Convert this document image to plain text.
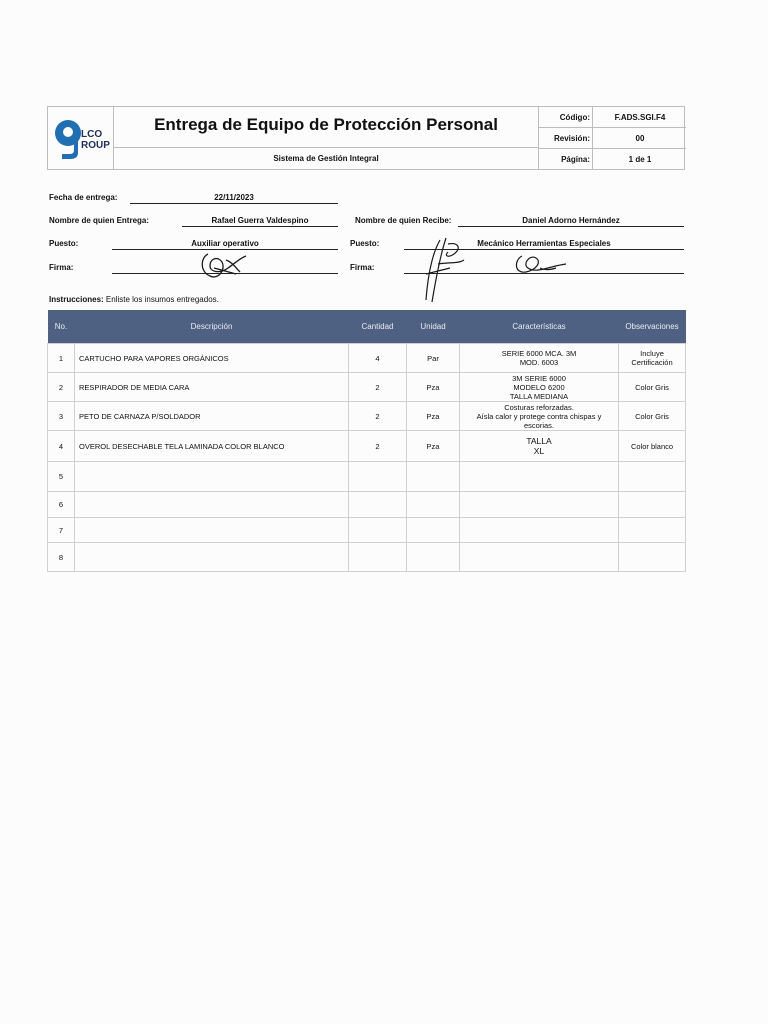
LCO
ROUP
Entrega de Equipo de Protección Personal
Sistema de Gestión Integral
Código:	F.ADS.SGI.F4
Revisión:	00
Página:	1 de 1
Fecha de entrega:	22/11/2023
Nombre de quien Entrega:	Rafael Guerra Valdespino	Nombre de quien Recibe:	Daniel Adorno Hernández
Puesto:	Auxiliar operativo	Puesto:	Mecánico Herramientas Especiales
Firma:	Firma:
Instrucciones: Enliste los insumos entregados.
No.	Descripción	Cantidad	Unidad	Características	Observaciones
1	CARTUCHO PARA VAPORES ORGÁNICOS	4	Par	SERIE 6000 MCA. 3M
MOD. 6003	Incluye Certificación
2	RESPIRADOR DE MEDIA CARA	2	Pza	3M SERIE 6000
MODELO 6200
TALLA MEDIANA	Color Gris
3	PETO DE CARNAZA P/SOLDADOR	2	Pza	Costuras reforzadas.
Aísla calor y protege contra chispas y
escorias.	Color Gris
4	OVEROL DESECHABLE TELA LAMINADA COLOR BLANCO	2	Pza	TALLA
XL	Color blanco
5					
6					
7					
8					
